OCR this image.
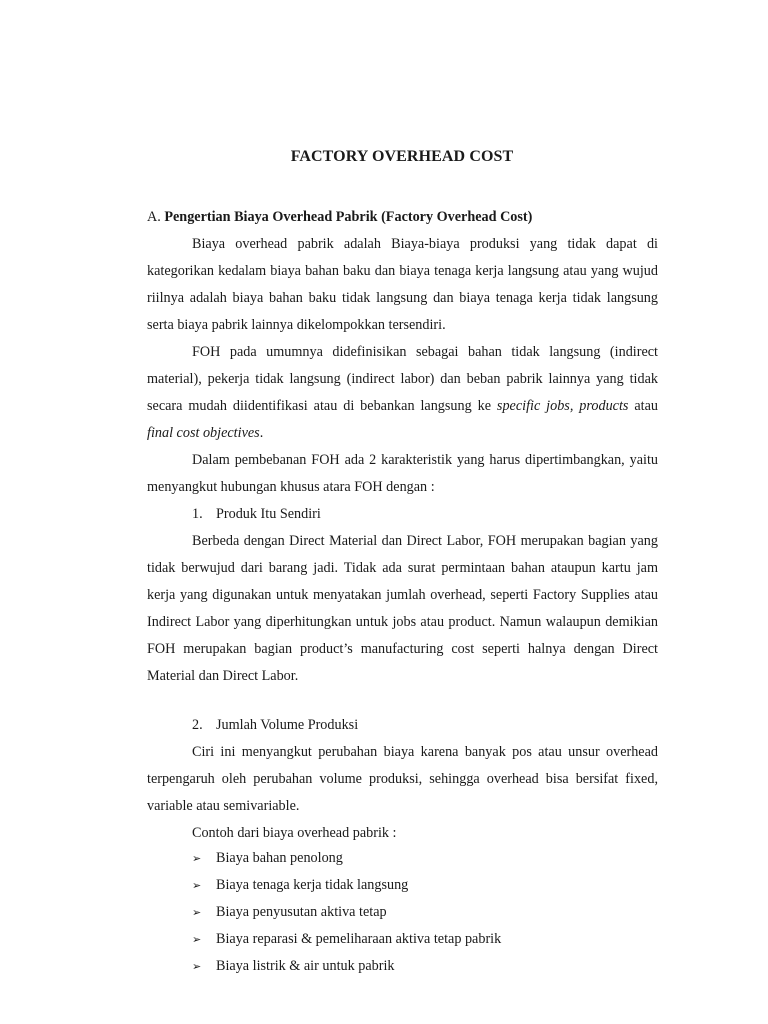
FACTORY OVERHEAD COST
A. Pengertian Biaya Overhead Pabrik (Factory Overhead Cost)

Biaya overhead pabrik adalah Biaya-biaya produksi yang tidak dapat di kategorikan kedalam biaya bahan baku dan biaya tenaga kerja langsung atau yang wujud riilnya adalah biaya bahan baku tidak langsung dan biaya tenaga kerja tidak langsung serta biaya pabrik lainnya dikelompokkan tersendiri.

FOH pada umumnya didefinisikan sebagai bahan tidak langsung (indirect material), pekerja tidak langsung (indirect labor) dan beban pabrik lainnya yang tidak secara mudah diidentifikasi atau di bebankan langsung ke specific jobs, products atau final cost objectives.

Dalam pembebanan FOH ada 2 karakteristik yang harus dipertimbangkan, yaitu menyangkut hubungan khusus atara FOH dengan :

1. Produk Itu Sendiri

Berbeda dengan Direct Material dan Direct Labor, FOH merupakan bagian yang tidak berwujud dari barang jadi. Tidak ada surat permintaan bahan ataupun kartu jam kerja yang digunakan untuk menyatakan jumlah overhead, seperti Factory Supplies atau Indirect Labor yang diperhitungkan untuk jobs atau product. Namun walaupun demikian FOH merupakan bagian product’s manufacturing cost seperti halnya dengan Direct Material dan Direct Labor.

2. Jumlah Volume Produksi

Ciri ini menyangkut perubahan biaya karena banyak pos atau unsur overhead terpengaruh oleh perubahan volume produksi, sehingga overhead bisa bersifat fixed, variable atau semivariable.

Contoh dari biaya overhead pabrik :

➢ Biaya bahan penolong
➢ Biaya tenaga kerja tidak langsung
➢ Biaya penyusutan aktiva tetap
➢ Biaya reparasi & pemeliharaan aktiva tetap pabrik
➢ Biaya listrik & air untuk pabrik
